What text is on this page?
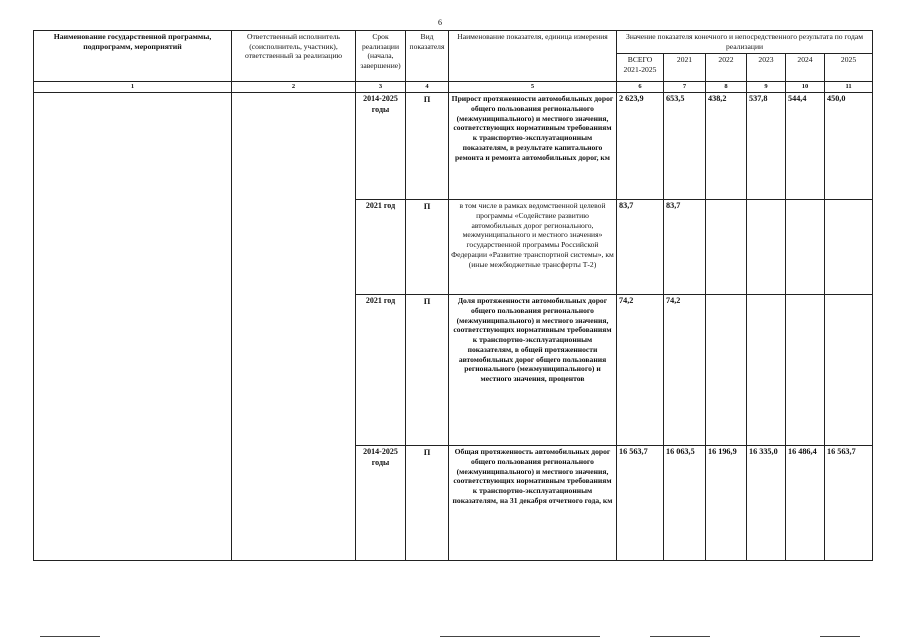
6
Наименование государственной программы, подпрограмм, мероприятий	Ответственный исполнитель (соисполнитель, участник), ответственный за реализацию	Срок реализации (начала, завершение)	Вид показателя	Наименование показателя, единица измерения	Значение показателя конечного и непосредственного результата по годам реализации					
					ВСЕГО 2021-2025	2021	2022	2023	2024	2025
1	2	3	4	5	6	7	8	9	10	11
		2014-2025 годы	П	Прирост протяженности автомобильных дорог общего пользования регионального (межмуниципального) и местного значения, соответствующих нормативным требованиям к транспортно-эксплуатационным показателям, в результате капитального ремонта и ремонта автомобильных дорог, км	2 623,9	653,5	438,2	537,8	544,4	450,0
		2021 год	П	в том числе в рамках ведомственной целевой программы «Содействие развитию автомобильных дорог регионального, межмуниципального и местного значения» государственной программы Российской Федерации «Развитие транспортной системы», км (иные межбюджетные трансферты Т-2)	83,7	83,7				
		2021 год	П	Доля протяженности автомобильных дорог общего пользования регионального (межмуниципального) и местного значения, соответствующих нормативным требованиям к транспортно-эксплуатационным показателям, в общей протяженности автомобильных дорог общего пользования регионального (межмуниципального) и местного значения, процентов	74,2	74,2				
		2014-2025 годы	П	Общая протяженность автомобильных дорог общего пользования регионального (межмуниципального) и местного значения, соответствующих нормативным требованиям к транспортно-эксплуатационным показателям, на 31 декабря отчетного года, км	16 563,7	16 063,5	16 196,9	16 335,0	16 486,4	16 563,7
